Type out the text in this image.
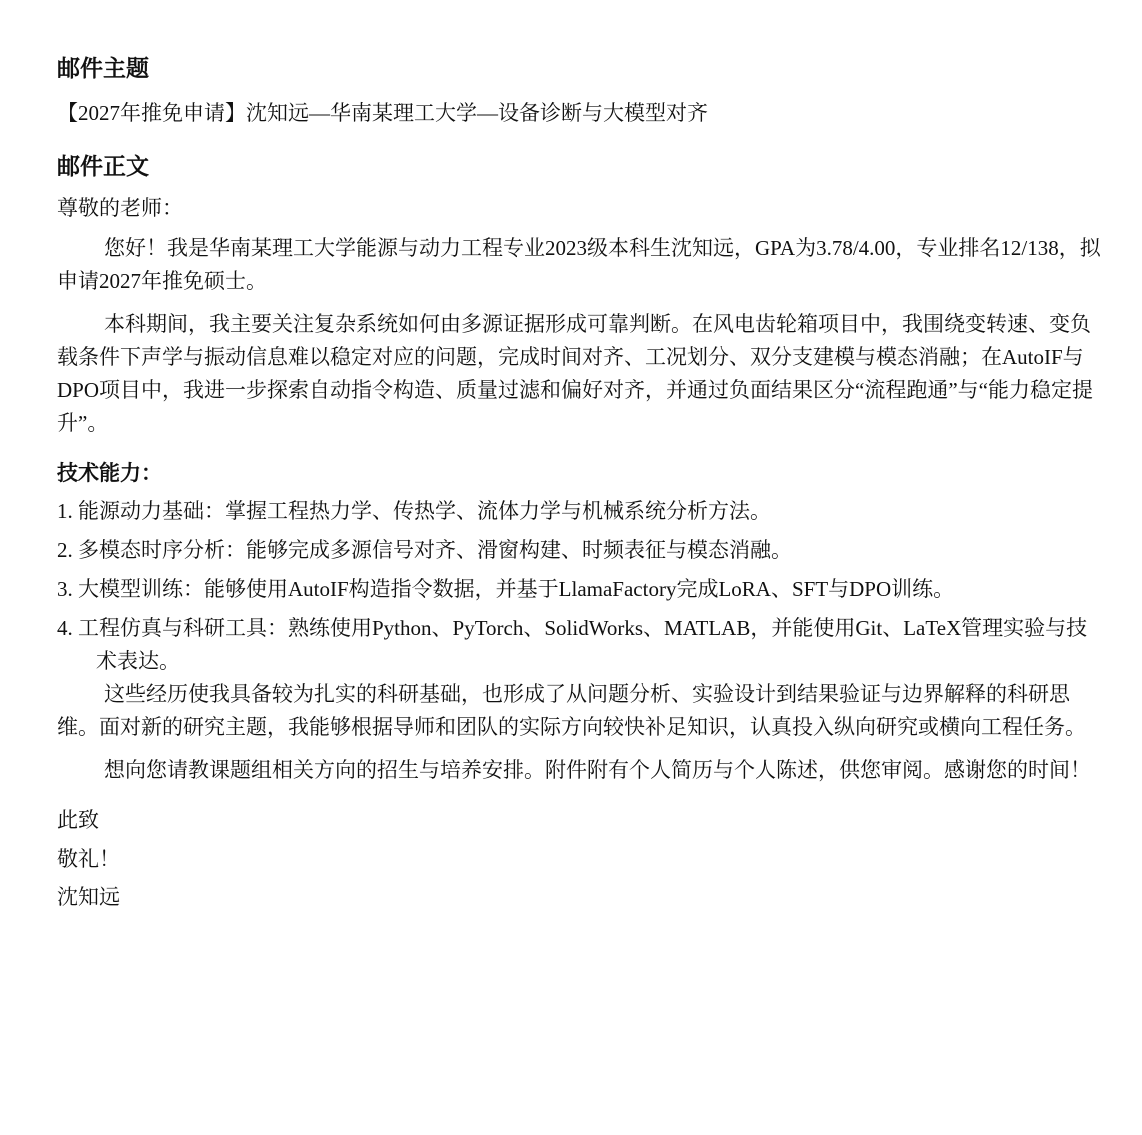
邮件主题

【2027年推免申请】沈知远—华南某理工大学—设备诊断与大模型对齐

邮件正文

尊敬的老师：

您好！我是华南某理工大学能源与动力工程专业2023级本科生沈知远，GPA为3.78/4.00，专业排名12/138，拟申请2027年推免硕士。

本科期间，我主要关注复杂系统如何由多源证据形成可靠判断。在风电齿轮箱项目中，我围绕变转速、变负载条件下声学与振动信息难以稳定对应的问题，完成时间对齐、工况划分、双分支建模与模态消融；在AutoIF与DPO项目中，我进一步探索自动指令构造、质量过滤和偏好对齐，并通过负面结果区分“流程跑通”与“能力稳定提升”。

技术能力：
1. 能源动力基础：掌握工程热力学、传热学、流体力学与机械系统分析方法。
2. 多模态时序分析：能够完成多源信号对齐、滑窗构建、时频表征与模态消融。
3. 大模型训练：能够使用AutoIF构造指令数据，并基于LlamaFactory完成LoRA、SFT与DPO训练。
4. 工程仿真与科研工具：熟练使用Python、PyTorch、SolidWorks、MATLAB，并能使用Git、LaTeX管理实验与技术表达。

这些经历使我具备较为扎实的科研基础，也形成了从问题分析、实验设计到结果验证与边界解释的科研思维。面对新的研究主题，我能够根据导师和团队的实际方向较快补足知识，认真投入纵向研究或横向工程任务。

想向您请教课题组相关方向的招生与培养安排。附件附有个人简历与个人陈述，供您审阅。感谢您的时间！

此致
敬礼！
沈知远
